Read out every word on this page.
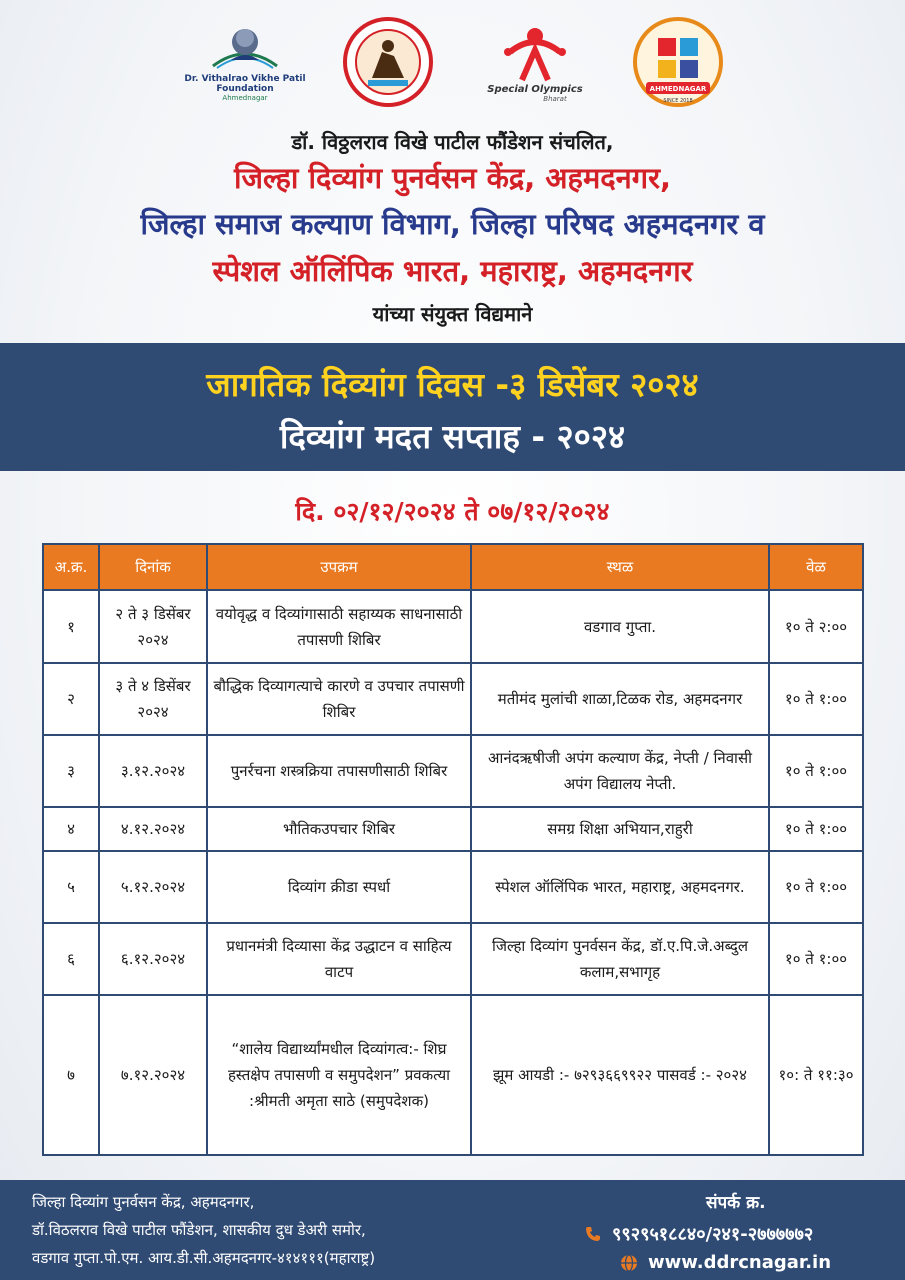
Dr. Vithalrao Vikhe Patil Foundation
Ahmednagar
Special Olympics
Bharat
AHMEDNAGAR
SINCE 2018
डॉ. विठ्ठलराव विखे पाटील फौंडेशन संचलित,
जिल्हा दिव्यांग पुनर्वसन केंद्र, अहमदनगर,
जिल्हा समाज कल्याण विभाग, जिल्हा परिषद अहमदनगर व
स्पेशल ऑलिंपिक भारत, महाराष्ट्र, अहमदनगर
यांच्या संयुक्त विद्यमाने
जागतिक दिव्यांग दिवस -३ डिसेंबर २०२४
दिव्यांग मदत सप्ताह - २०२४
दि. ०२/१२/२०२४ ते ०७/१२/२०२४
अ.क्र.	दिनांक	उपक्रम	स्थळ	वेळ
१	२ ते ३ डिसेंबर २०२४	वयोवृद्ध व दिव्यांगासाठी सहाय्यक साधनासाठी तपासणी शिबिर	वडगाव गुप्ता.	१० ते २:००
२	३ ते ४ डिसेंबर २०२४	बौद्धिक दिव्यागत्याचे कारणे व उपचार तपासणी शिबिर	मतीमंद मुलांची शाळा,टिळक रोड, अहमदनगर	१० ते १:००
३	३.१२.२०२४	पुनर्रचना शस्त्रक्रिया तपासणीसाठी शिबिर	आनंदऋषीजी अपंग कल्याण केंद्र, नेप्ती / निवासी अपंग विद्यालय नेप्ती.	१० ते १:००
४	४.१२.२०२४	भौतिकउपचार शिबिर	समग्र शिक्षा अभियान,राहुरी	१० ते १:००
५	५.१२.२०२४	दिव्यांग क्रीडा स्पर्धा	स्पेशल ऑलिंपिक भारत, महाराष्ट्र, अहमदनगर.	१० ते १:००
६	६.१२.२०२४	प्रधानमंत्री दिव्यासा केंद्र उद्धाटन व साहित्य वाटप	जिल्हा दिव्यांग पुनर्वसन केंद्र, डॉ.ए.पि.जे.अब्दुल कलाम,सभागृह	१० ते १:००
७	७.१२.२०२४	“शालेय विद्यार्थ्यांमधील दिव्यांगत्व:- शिघ्र हस्तक्षेप तपासणी व समुपदेशन” प्रवकत्या :श्रीमती अमृता साठे (समुपदेशक)	झूम आयडी :- ७२९३६६९९२२ पासवर्ड :- २०२४	१०: ते ११:३०
जिल्हा दिव्यांग पुनर्वसन केंद्र, अहमदनगर,
डॉ.विठलराव विखे पाटील फौंडेशन, शासकीय दुध डेअरी समोर,
वडगाव गुप्ता.पो.एम. आय.डी.सी.अहमदनगर-४१४१११(महाराष्ट्र)
संपर्क क्र.
९९२९५१८८४०/२४१-२७७७७७२
www.ddrcnagar.in
